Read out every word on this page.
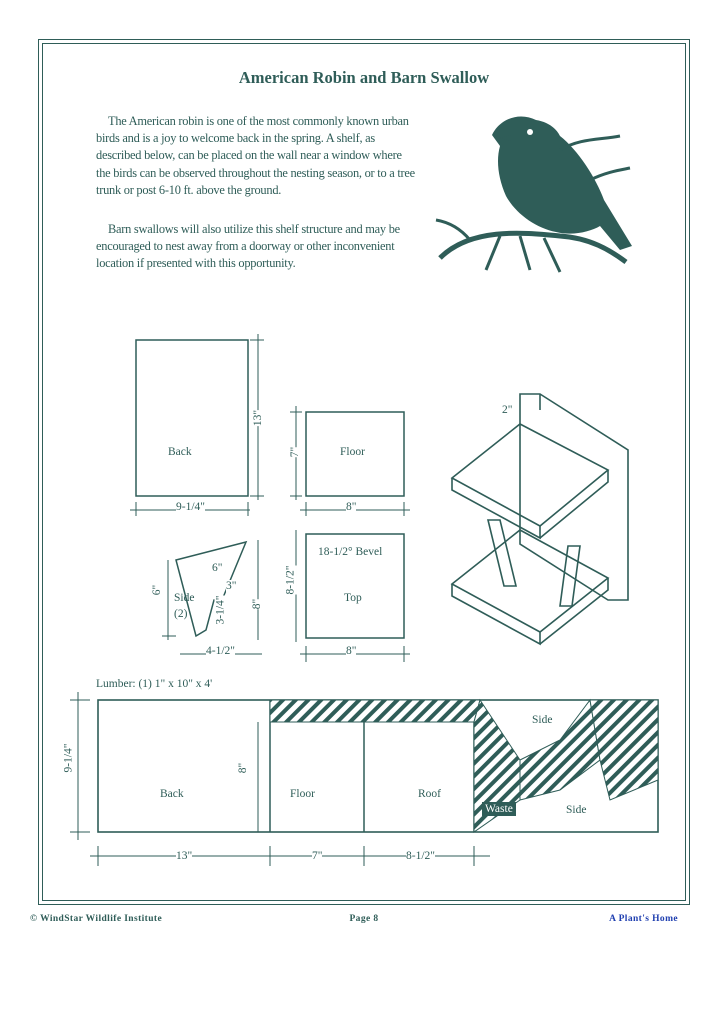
American Robin and Barn Swallow
The American robin is one of the most commonly known urban birds and is a joy to welcome back in the spring. A shelf, as described below, can be placed on the wall near a window where the birds can be observed throughout the nesting season, or to a tree trunk or post 6-10 ft. above the ground.
Barn swallows will also utilize this shelf structure and may be encouraged to nest away from a doorway or other inconvenient location if presented with this opportunity.
Back
9-1/4"
13"
Floor
8"
7"
Side
(2)
6"
3"
6"
3-1/4" 8"
4-1/2"
18-1/2° Bevel
Top
8"
8-1/2"
2"
Lumber: (1) 1" x 10" x 4'
9-1/4"	8"
Back	Floor	Roof
Side
Side
Waste
13"	7"	8-1/2"
© WindStar Wildlife Institute	Page 8	A Plant's Home
